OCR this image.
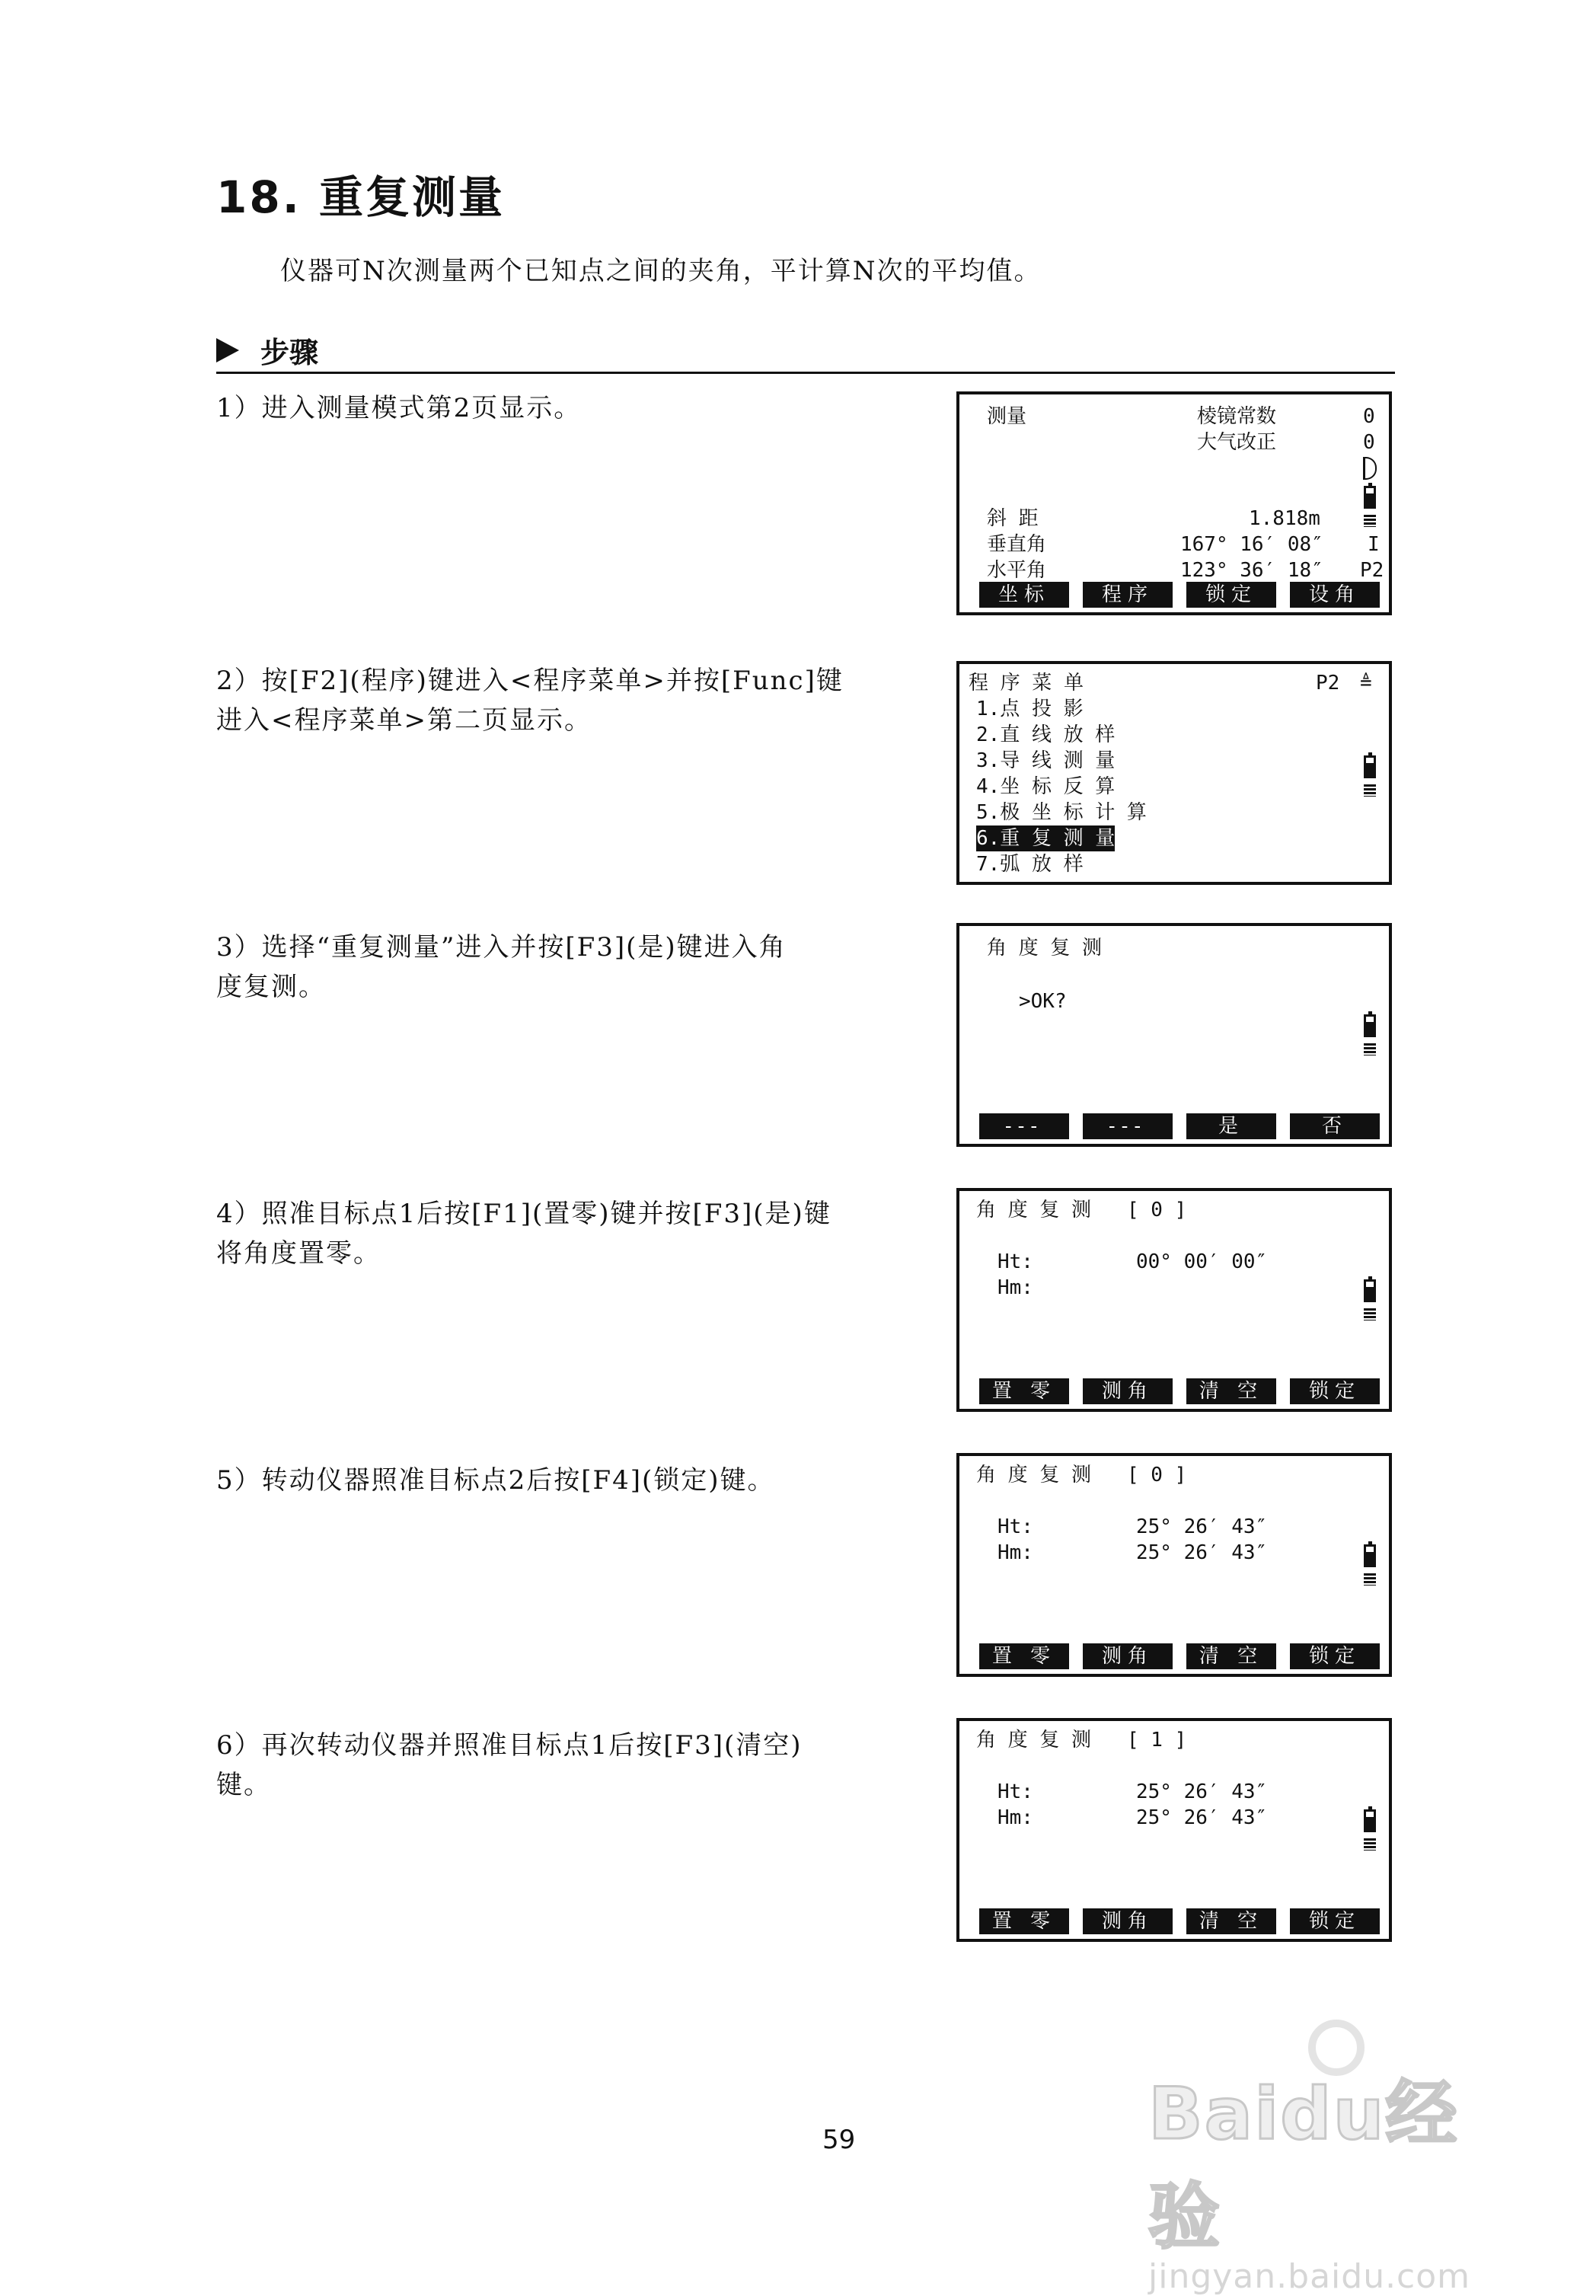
18. 重复测量
仪器可N次测量两个已知点之间的夹角，平计算N次的平均值。
步骤

1）进入测量模式第2页显示。

2）按[F2](程序)键进入<程序菜单>并按[Func]键
进入<程序菜单>第二页显示。

3）选择“重复测量”进入并按[F3](是)键进入角
度复测。

4）照准目标点1后按[F1](置零)键并按[F3](是)键
将角度置零。

5）转动仪器照准目标点2后按[F4](锁定)键。

6）再次转动仪器并照准目标点1后按[F3](清空)
键。

测量	棱镜常数	0
大气改正	0
斜 距	1.818m
垂直角	167° 16′ 08″ I
水平角	123° 36′ 18″ P2
坐标	程序	锁定	设角
程 序 菜 单	P2 ≜
1.点 投 影
2.直 线 放 样
3.导 线 测 量
4.坐 标 反 算
5.极 坐 标 计 算
6.重 复 测 量
7.弧 放 样
角 度 复 测
>OK?
---	---	是	否
角 度 复 测 [ 0 ]
Ht:	00° 00′ 00″
Hm:
置 零	测角	清 空	锁定
角 度 复 测 [ 0 ]
Ht:	25° 26′ 43″
Hm:	25° 26′ 43″
置 零	测角	清 空	锁定
角 度 复 测 [ 1 ]
Ht:	25° 26′ 43″
Hm:	25° 26′ 43″
置 零	测角	清 空	锁定
59	Baidu经验
jingyan.baidu.com
